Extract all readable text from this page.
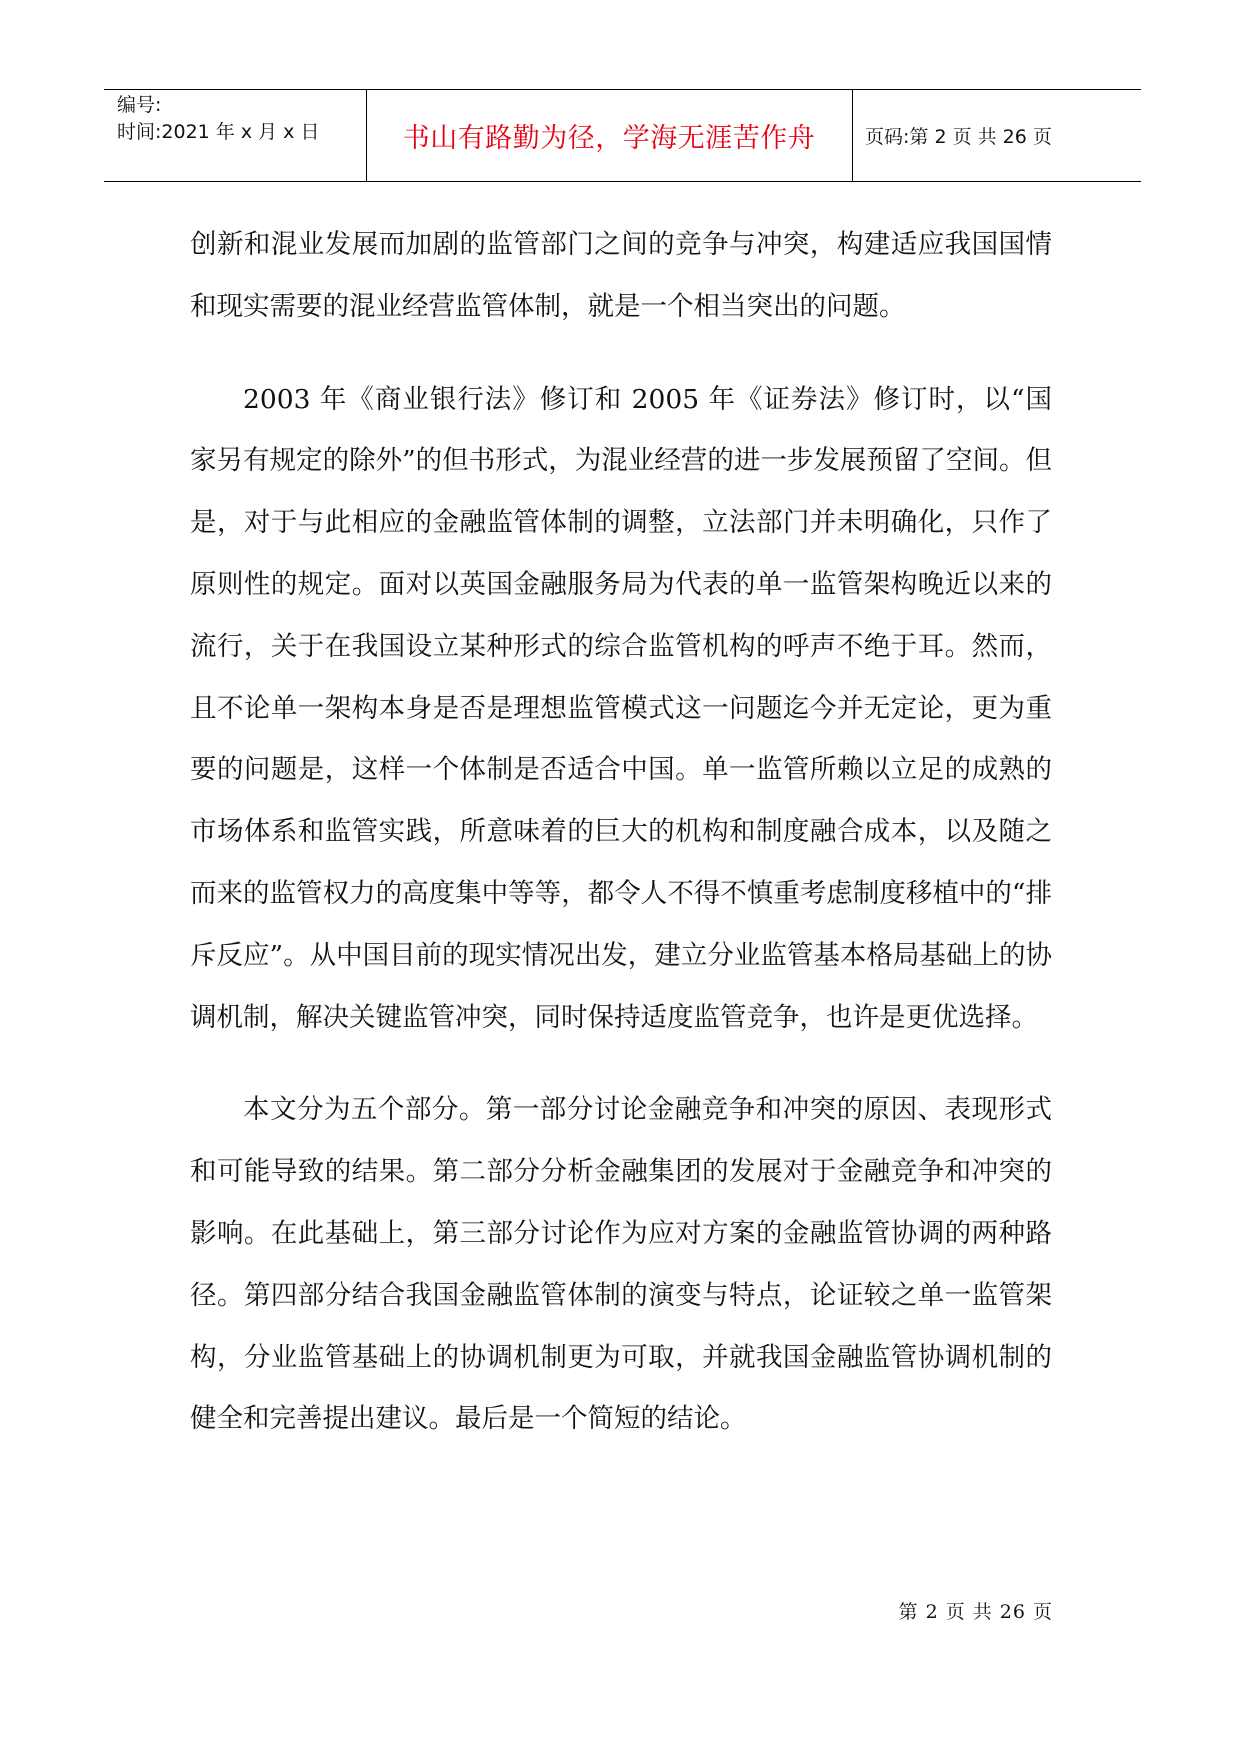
编号:
时间:2021 年 x 月 x 日	书山有路勤为径，学海无涯苦作舟	页码:第 2 页 共 26 页

创新和混业发展而加剧的监管部门之间的竞争与冲突，构建适应我国国情和现实需要的混业经营监管体制，就是一个相当突出的问题。

2003 年《商业银行法》修订和 2005 年《证券法》修订时，以“国家另有规定的除外”的但书形式，为混业经营的进一步发展预留了空间。但是，对于与此相应的金融监管体制的调整，立法部门并未明确化，只作了原则性的规定。面对以英国金融服务局为代表的单一监管架构晚近以来的流行，关于在我国设立某种形式的综合监管机构的呼声不绝于耳。然而，且不论单一架构本身是否是理想监管模式这一问题迄今并无定论，更为重要的问题是，这样一个体制是否适合中国。单一监管所赖以立足的成熟的市场体系和监管实践，所意味着的巨大的机构和制度融合成本，以及随之而来的监管权力的高度集中等等，都令人不得不慎重考虑制度移植中的“排斥反应”。从中国目前的现实情况出发，建立分业监管基本格局基础上的协调机制，解决关键监管冲突，同时保持适度监管竞争，也许是更优选择。

本文分为五个部分。第一部分讨论金融竞争和冲突的原因、表现形式和可能导致的结果。第二部分分析金融集团的发展对于金融竞争和冲突的影响。在此基础上，第三部分讨论作为应对方案的金融监管协调的两种路径。第四部分结合我国金融监管体制的演变与特点，论证较之单一监管架构，分业监管基础上的协调机制更为可取，并就我国金融监管协调机制的健全和完善提出建议。最后是一个简短的结论。

第 2 页 共 26 页
